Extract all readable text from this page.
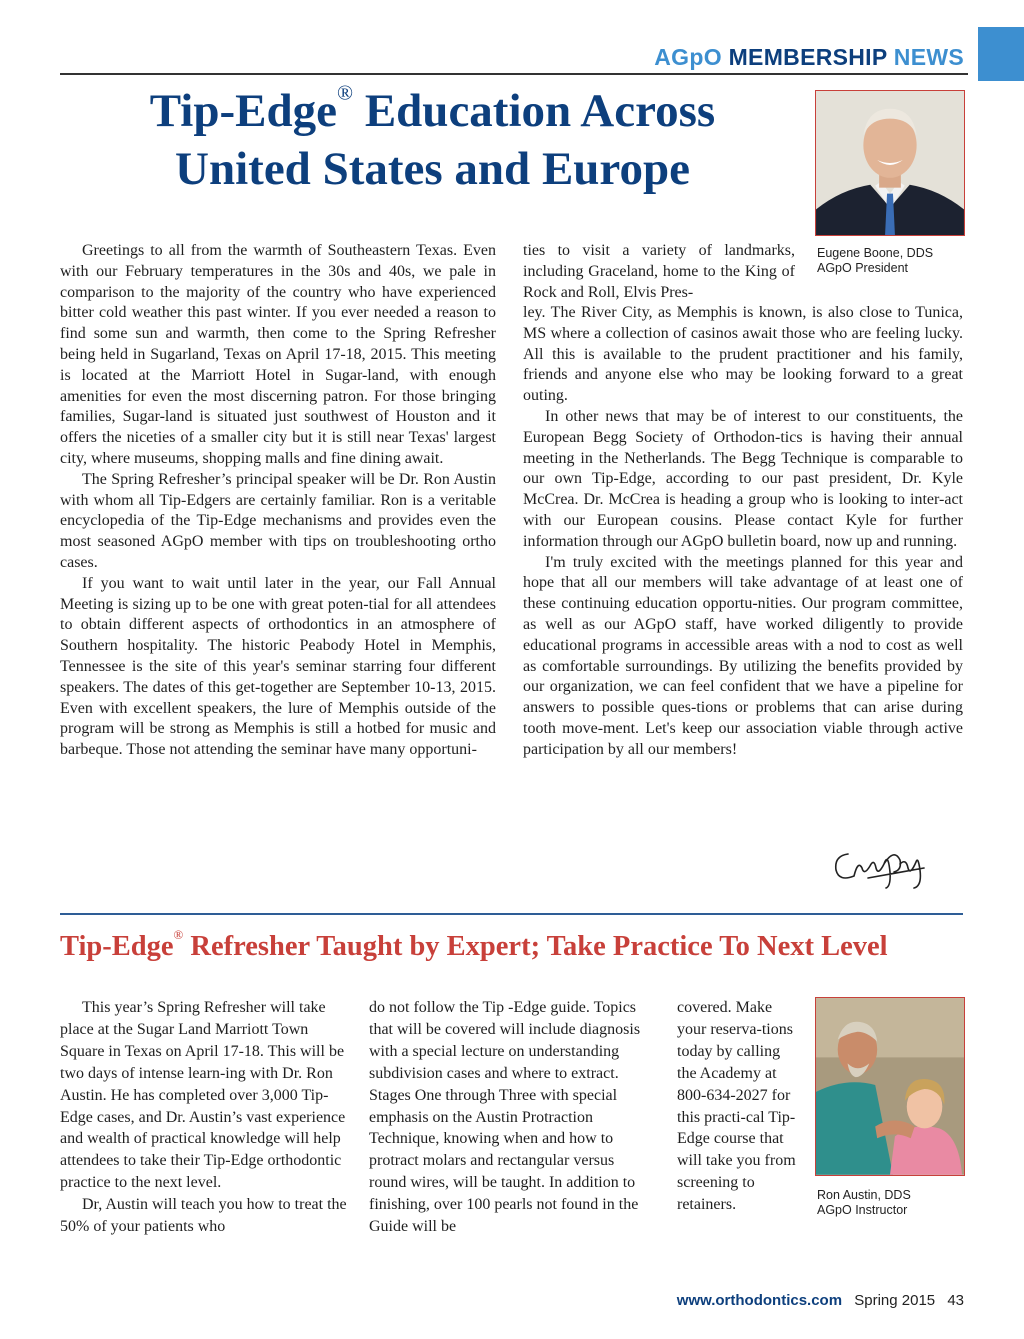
AGpO MEMBERSHIP NEWS
Tip-Edge® Education Across
United States and Europe
Eugene Boone, DDS
AGpO President

Greetings to all from the warmth of Southeastern Texas. Even with our February temperatures in the 30s and 40s, we pale in comparison to the majority of the country who have experienced bitter cold weather this past winter. If you ever needed a reason to find some sun and warmth, then come to the Spring Refresher being held in Sugarland, Texas on April 17-18, 2015. This meeting is located at the Marriott Hotel in Sugar-land, with enough amenities for even the most discerning patron. For those bringing families, Sugar-land is situated just southwest of Houston and it offers the niceties of a smaller city but it is still near Texas' largest city, where museums, shopping malls and fine dining await.

The Spring Refresher’s principal speaker will be Dr. Ron Austin with whom all Tip-Edgers are certainly familiar. Ron is a veritable encyclopedia of the Tip-Edge mechanisms and provides even the most seasoned AGpO member with tips on troubleshooting ortho cases.

If you want to wait until later in the year, our Fall Annual Meeting is sizing up to be one with great poten-tial for all attendees to obtain different aspects of orthodontics in an atmosphere of Southern hospitality. The historic Peabody Hotel in Memphis, Tennessee is the site of this year's seminar starring four different speakers. The dates of this get-together are September 10-13, 2015. Even with excellent speakers, the lure of Memphis outside of the program will be strong as Memphis is still a hotbed for music and barbeque. Those not attending the seminar have many opportuni-

ties to visit a variety of landmarks, including Graceland, home to the King of Rock and Roll, Elvis Pres-

ley. The River City, as Memphis is known, is also close to Tunica, MS where a collection of casinos await those who are feeling lucky. All this is available to the prudent practitioner and his family, friends and anyone else who may be looking forward to a great outing.

In other news that may be of interest to our constituents, the European Begg Society of Orthodon-tics is having their annual meeting in the Netherlands. The Begg Technique is comparable to our own Tip-Edge, according to our past president, Dr. Kyle McCrea. Dr. McCrea is heading a group who is looking to inter-act with our European cousins. Please contact Kyle for further information through our AGpO bulletin board, now up and running.

I'm truly excited with the meetings planned for this year and hope that all our members will take advantage of at least one of these continuing education opportu-nities. Our program committee, as well as our AGpO staff, have worked diligently to provide educational programs in accessible areas with a nod to cost as well as comfortable surroundings. By utilizing the benefits provided by our organization, we can feel confident that we have a pipeline for answers to possible ques-tions or problems that can arise during tooth move-ment. Let's keep our association viable through active participation by all our members!

Tip-Edge® Refresher Taught by Expert; Take Practice To Next Level

This year’s Spring Refresher will take place at the Sugar Land Marriott Town Square in Texas on April 17-18. This will be two days of intense learn-ing with Dr. Ron Austin. He has completed over 3,000 Tip-Edge cases, and Dr. Austin’s vast experience and wealth of practical knowledge will help attendees to take their Tip-Edge orthodontic practice to the next level.

Dr, Austin will teach you how to treat the 50% of your patients who

do not follow the Tip -Edge guide. Topics that will be covered will include diagnosis with a special lecture on understanding subdivision cases and where to extract. Stages One through Three with special emphasis on the Austin Protraction Technique, knowing when and how to protract molars and rectangular versus round wires, will be taught. In addition to finishing, over 100 pearls not found in the Guide will be

covered. Make your reserva-tions today by calling the Academy at 800-634-2027 for this practi-cal Tip-Edge course that will take you from screening to retainers.

Ron Austin, DDS
AGpO Instructor
www.orthodontics.com Spring 2015 43
